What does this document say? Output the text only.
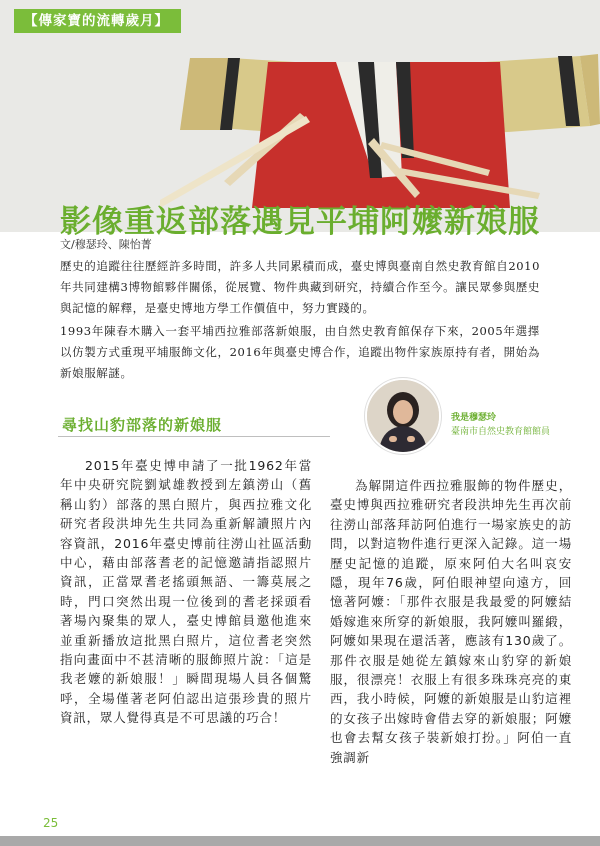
【傳家寶的流轉歲月】
影像重返部落遇見平埔阿嬤新娘服
文/穆瑟玲、陳怡菁

歷史的追蹤往往歷經許多時間，許多人共同累積而成，臺史博與臺南自然史教育館自2010年共同建構3博物館夥伴關係，從展覽、物件典藏到研究，持續合作至今。讓民眾參與歷史與記憶的解釋，是臺史博地方學工作價值中，努力實踐的。

1993年陳春木購入一套平埔西拉雅部落新娘服，由自然史教育館保存下來，2005年選擇以仿製方式重現平埔服飾文化，2016年與臺史博合作，追蹤出物件家族原持有者，開始為新娘服解謎。

尋找山豹部落的新娘服	我是穆瑟玲
臺南市自然史教育館館員

2015年臺史博申請了一批1962年當年中央研究院劉斌雄教授到左鎮澇山（舊稱山豹）部落的黑白照片，與西拉雅文化研究者段洪坤先生共同為重新解讀照片內容資訊，2016年臺史博前往澇山社區活動中心，藉由部落耆老的記憶邀請指認照片資訊，正當眾耆老搖頭無語、一籌莫展之時，門口突然出現一位後到的耆老採頭看著場內聚集的眾人，臺史博館員邀他進來並重新播放這批黑白照片，這位耆老突然指向畫面中不甚清晰的服飾照片說：「這是我老嬤的新娘服！」瞬間現場人員各個驚呼，全場僅著老阿伯認出這張珍貴的照片資訊，眾人覺得真是不可思議的巧合！

為解開這件西拉雅服飾的物件歷史，臺史博與西拉雅研究者段洪坤先生再次前往澇山部落拜訪阿伯進行一場家族史的訪問，以對這物件進行更深入記錄。這一場歷史記憶的追蹤，原來阿伯大名叫哀安隱，現年76歲，阿伯眼神望向遠方，回憶著阿嬤：「那件衣服是我最愛的阿嬤結婚嫁進來所穿的新娘服，我阿嬤叫羅緞，阿嬤如果現在還活著，應該有130歲了。那件衣服是她從左鎮嫁來山豹穿的新娘服，很漂亮！衣服上有很多珠珠亮亮的東西，我小時候，阿嬤的新娘服是山豹這裡的女孩子出嫁時會借去穿的新娘服；阿嬤也會去幫女孩子裝新娘打扮。」阿伯一直強調新

25
